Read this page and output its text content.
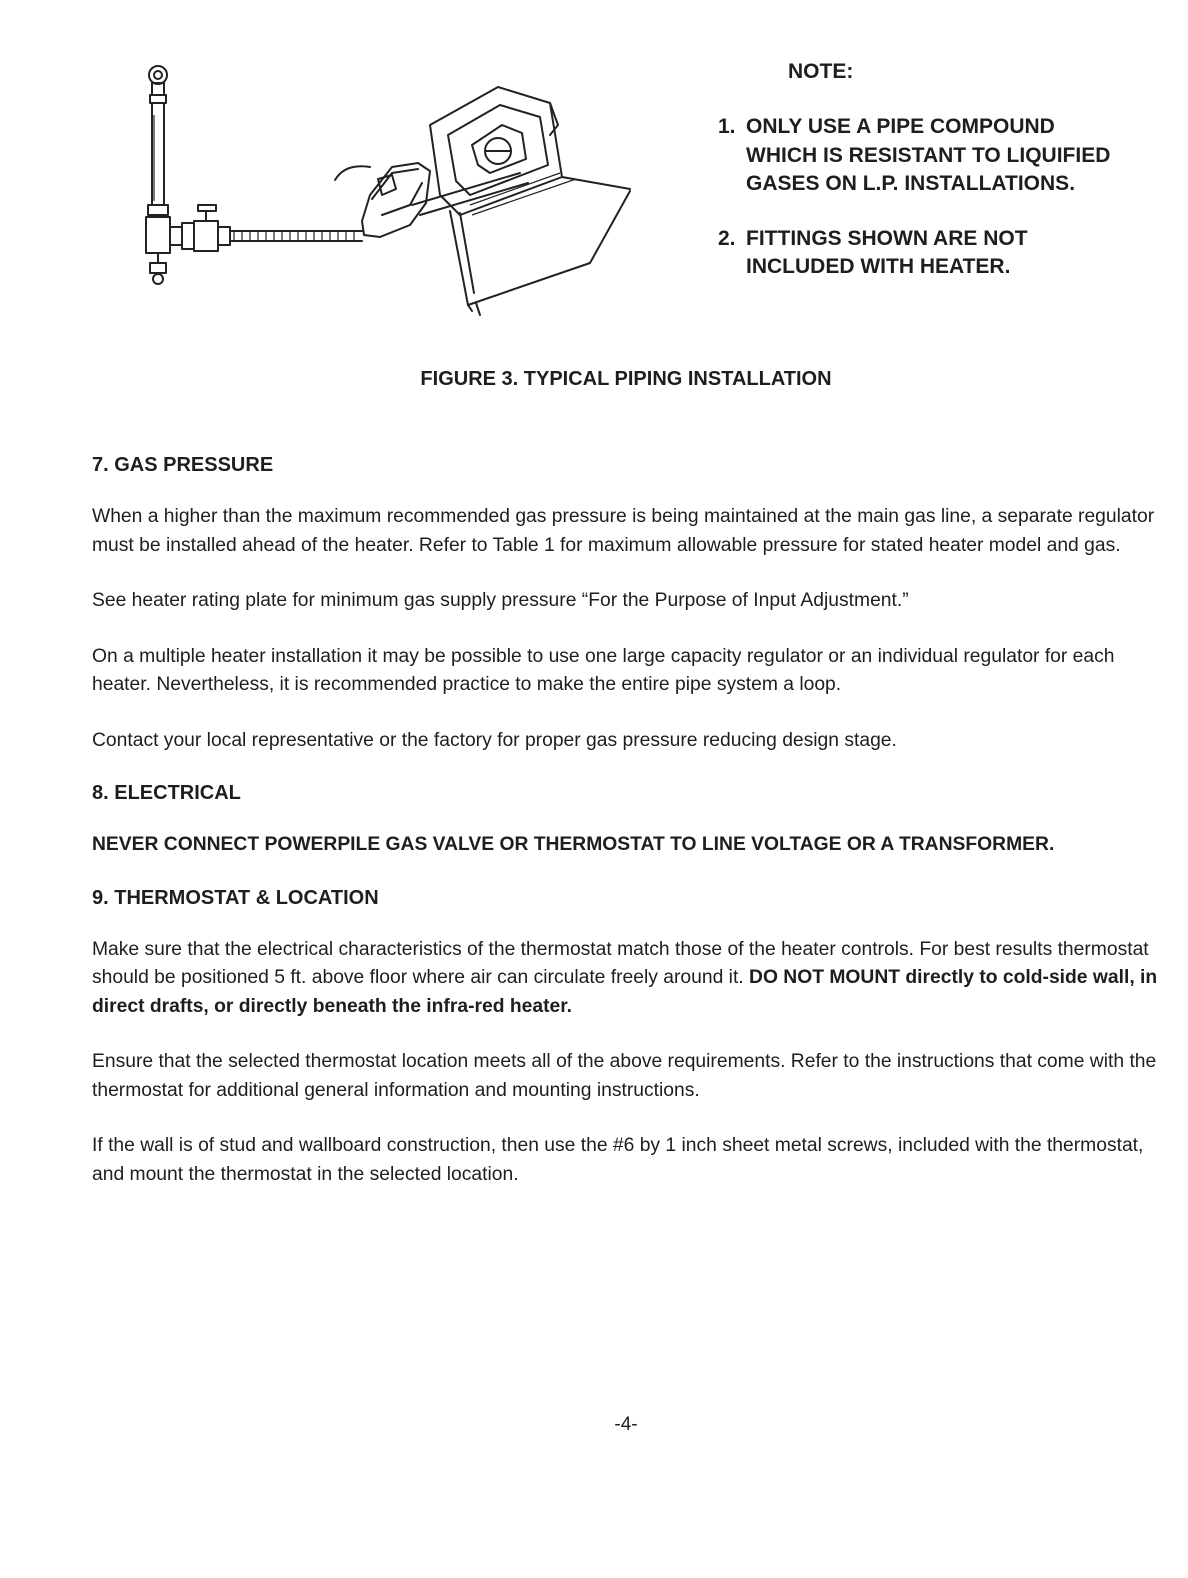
NOTE:
1. ONLY USE A PIPE COMPOUND WHICH IS RESISTANT TO LIQUIFIED GASES ON L.P. INSTALLATIONS.
2. FITTINGS SHOWN ARE NOT INCLUDED WITH HEATER.
FIGURE 3. TYPICAL PIPING INSTALLATION
7. GAS PRESSURE

When a higher than the maximum recommended gas pressure is being maintained at the main gas line, a separate regulator must be installed ahead of the heater. Refer to Table 1 for maximum allowable pressure for stated heater model and gas.

See heater rating plate for minimum gas supply pressure “For the Purpose of Input Adjustment.”

On a multiple heater installation it may be possible to use one large capacity regulator or an individual regulator for each heater. Nevertheless, it is recommended practice to make the entire pipe system a loop.

Contact your local representative or the factory for proper gas pressure reducing design stage.

8. ELECTRICAL

NEVER CONNECT POWERPILE GAS VALVE OR THERMOSTAT TO LINE VOLTAGE OR A TRANSFORMER.

9. THERMOSTAT & LOCATION

Make sure that the electrical characteristics of the thermostat match those of the heater controls. For best results thermostat should be positioned 5 ft. above floor where air can circulate freely around it. DO NOT MOUNT directly to cold-side wall, in direct drafts, or directly beneath the infra-red heater.

Ensure that the selected thermostat location meets all of the above requirements. Refer to the instructions that come with the thermostat for additional general information and mounting instructions.

If the wall is of stud and wallboard construction, then use the #6 by 1 inch sheet metal screws, included with the thermostat, and mount the thermostat in the selected location.

-4-
